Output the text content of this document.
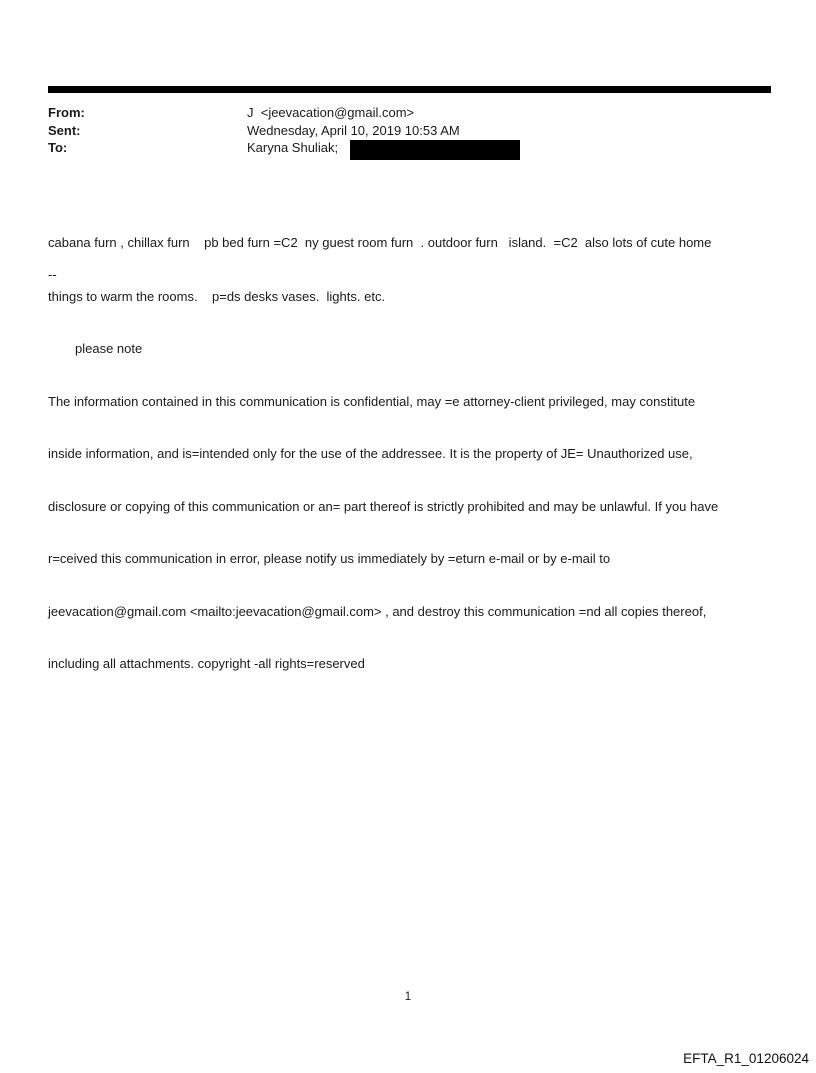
From:	J  <jeevacation@gmail.com>
Sent:	Wednesday, April 10, 2019 10:53 AM
To:	Karyna Shuliak;

cabana furn , chillax furn    pb bed furn =C2  ny guest room furn  . outdoor furn   island.  =C2  also lots of cute home

things to warm the rooms.    p=ds desks vases.  lights. etc.

--

please note

The information contained in this communication is confidential, may =e attorney-client privileged, may constitute

inside information, and is=intended only for the use of the addressee. It is the property of JE= Unauthorized use,

disclosure or copying of this communication or an= part thereof is strictly prohibited and may be unlawful. If you have

r=ceived this communication in error, please notify us immediately by =eturn e-mail or by e-mail to

jeevacation@gmail.com <mailto:jeevacation@gmail.com> , and destroy this communication =nd all copies thereof,

including all attachments. copyright -all rights=reserved

1
EFTA_R1_01206024
